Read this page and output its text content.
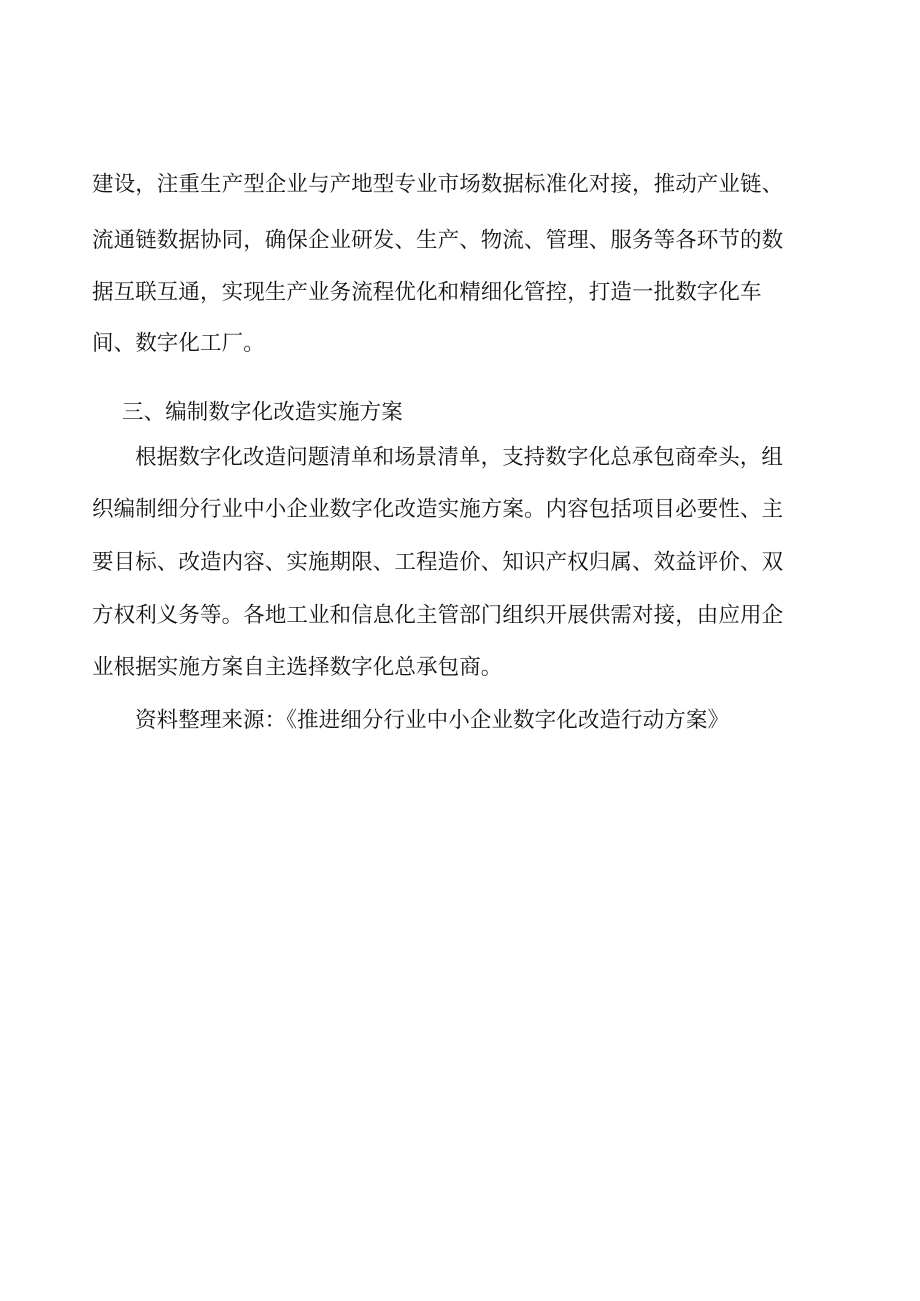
建设，注重生产型企业与产地型专业市场数据标准化对接，推动产业链、
流通链数据协同，确保企业研发、生产、物流、管理、服务等各环节的数
据互联互通，实现生产业务流程优化和精细化管控，打造一批数字化车
间、数字化工厂。
三、编制数字化改造实施方案
根据数字化改造问题清单和场景清单，支持数字化总承包商牵头，组
织编制细分行业中小企业数字化改造实施方案。内容包括项目必要性、主
要目标、改造内容、实施期限、工程造价、知识产权归属、效益评价、双
方权利义务等。各地工业和信息化主管部门组织开展供需对接，由应用企
业根据实施方案自主选择数字化总承包商。
资料整理来源：《推进细分行业中小企业数字化改造行动方案》
